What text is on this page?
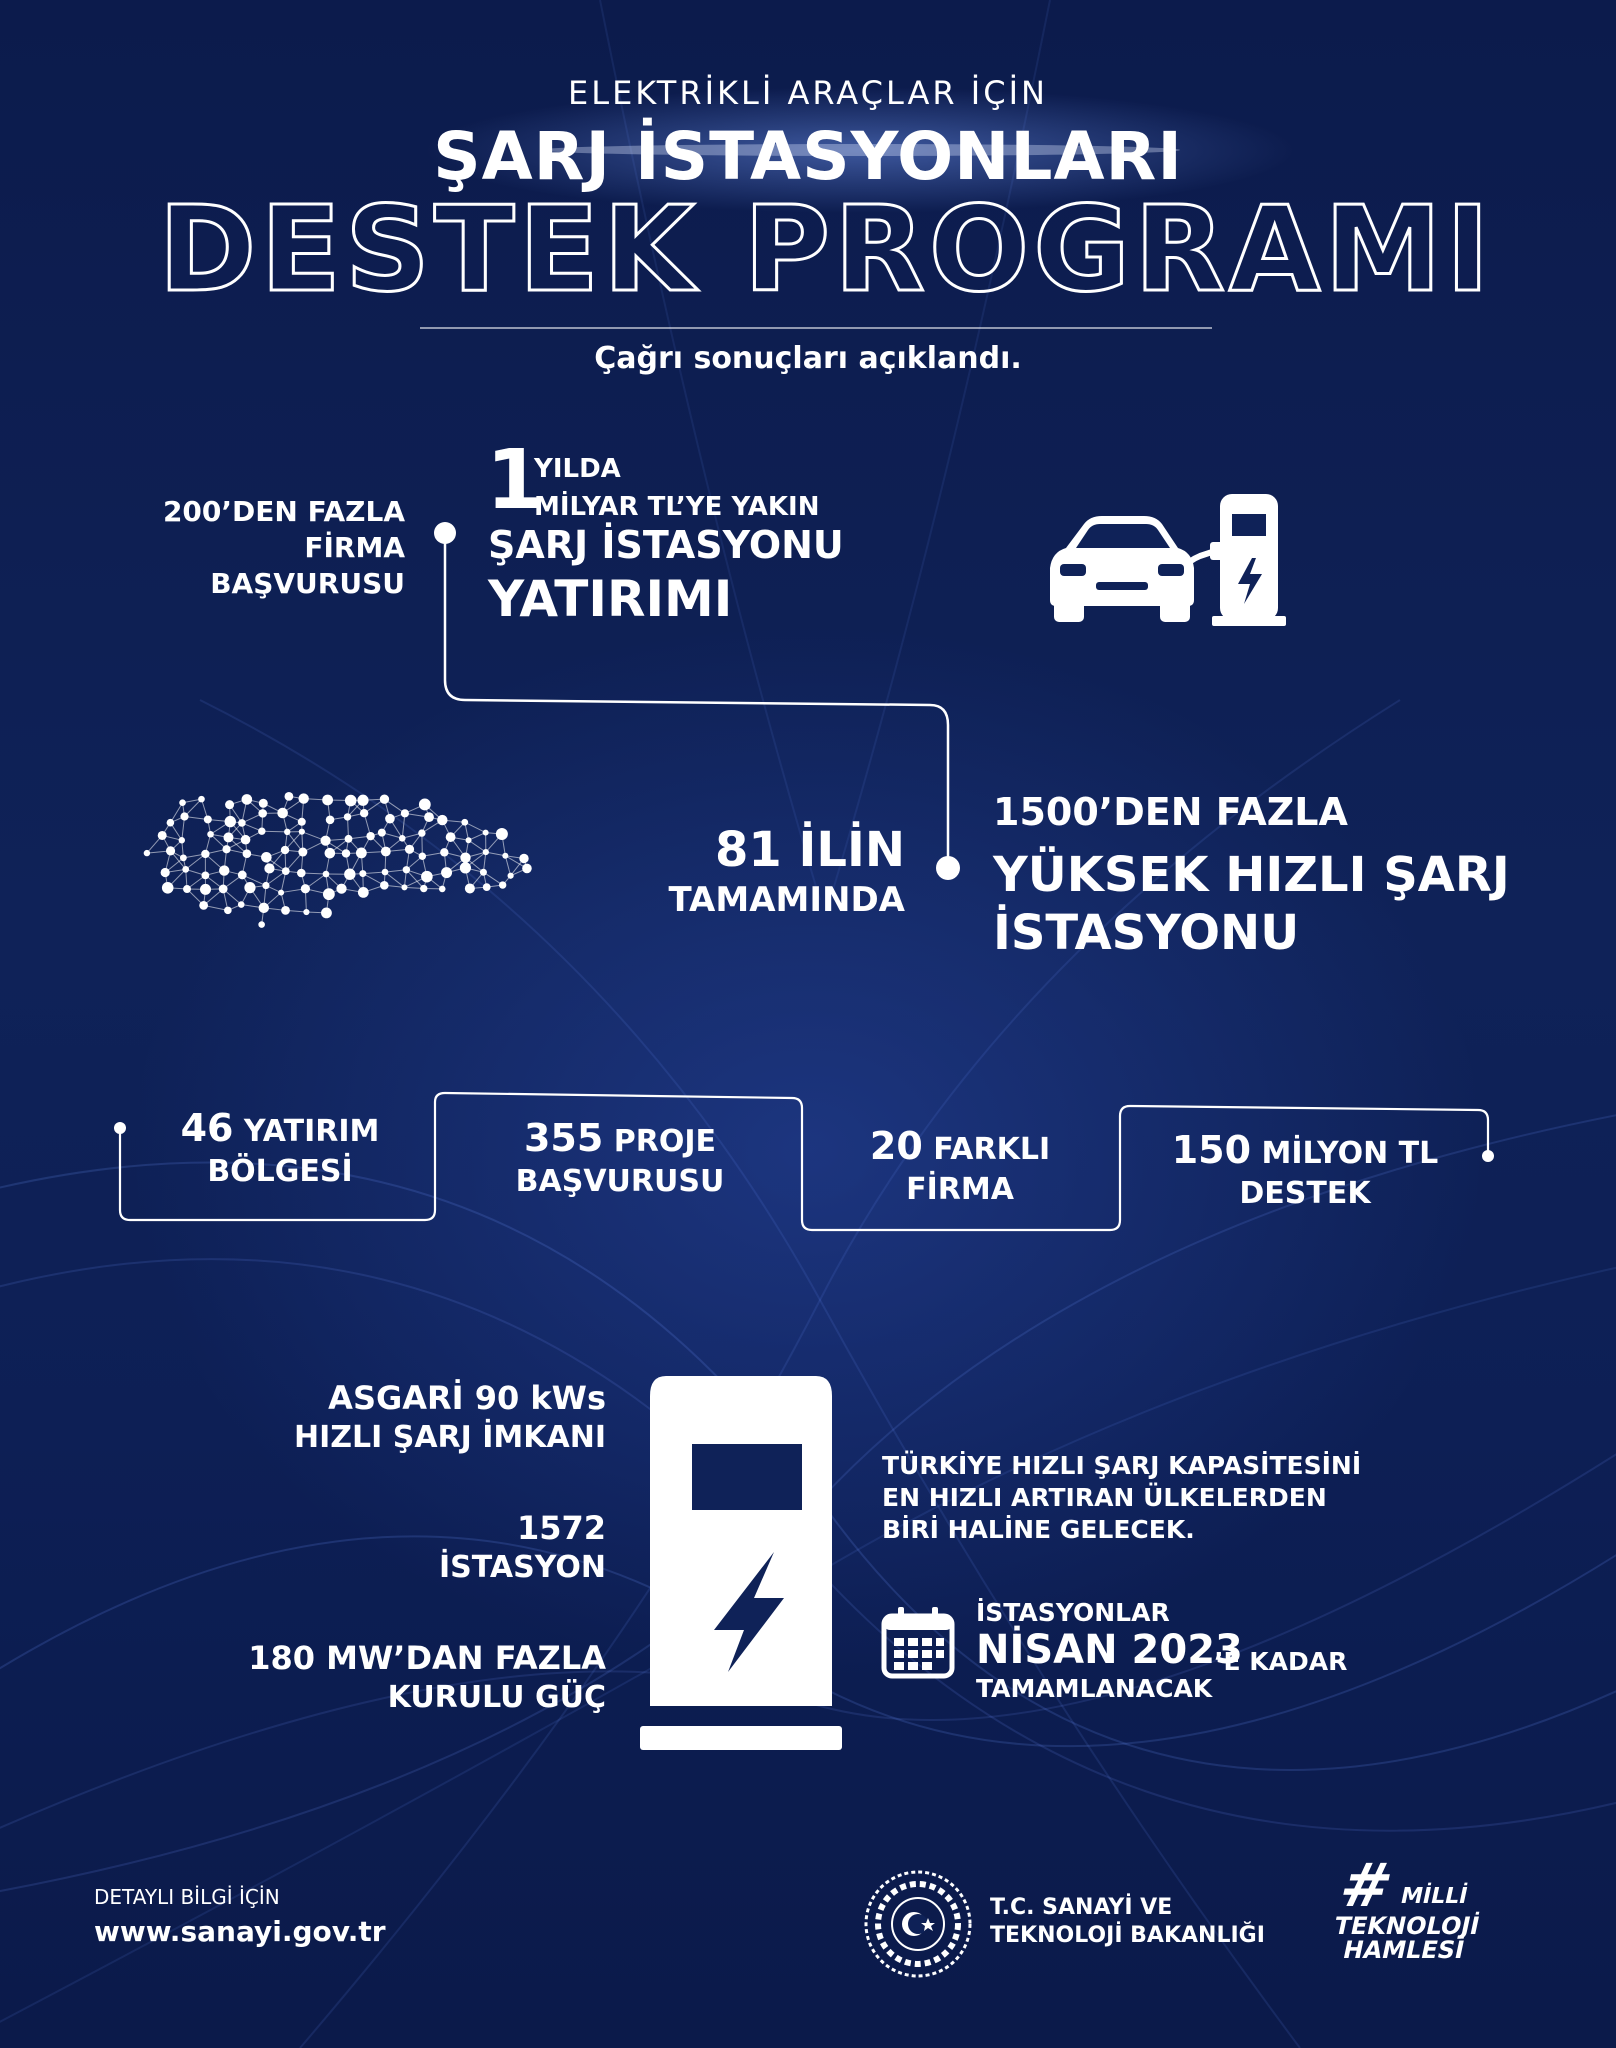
ELEKTRİKLİ ARAÇLAR İÇİN
ŞARJ İSTASYONLARI
DESTEK PROGRAMI
Çağrı sonuçları açıklandı.
200’DEN FAZLA
FİRMA BAŞVURUSU
1
YILDA
MİLYAR TL’YE YAKIN
ŞARJ İSTASYONU
YATIRIMI
81 İLİN
TAMAMINDA
1500’DEN FAZLA
YÜKSEK HIZLI ŞARJ
İSTASYONU
46 YATIRIM
BÖLGESİ
355 PROJE
BAŞVURUSU
20 FARKLI
FİRMA
150 MİLYON TL
DESTEK
ASGARİ 90 kWs
HIZLI ŞARJ İMKANI
1572
İSTASYON
180 MW’DAN FAZLA
KURULU GÜÇ
TÜRKİYE HIZLI ŞARJ KAPASİTESİNİ
EN HIZLI ARTIRAN ÜLKELERDEN
BİRİ HALİNE GELECEK.
İSTASYONLAR
NİSAN 2023
’E KADAR
TAMAMLANACAK
DETAYLI BİLGİ İÇİN
www.sanayi.gov.tr
T.C. SANAYİ VE
TEKNOLOJİ BAKANLIĞI
# MİLLİ
TEKNOLOJİ
HAMLESİ
